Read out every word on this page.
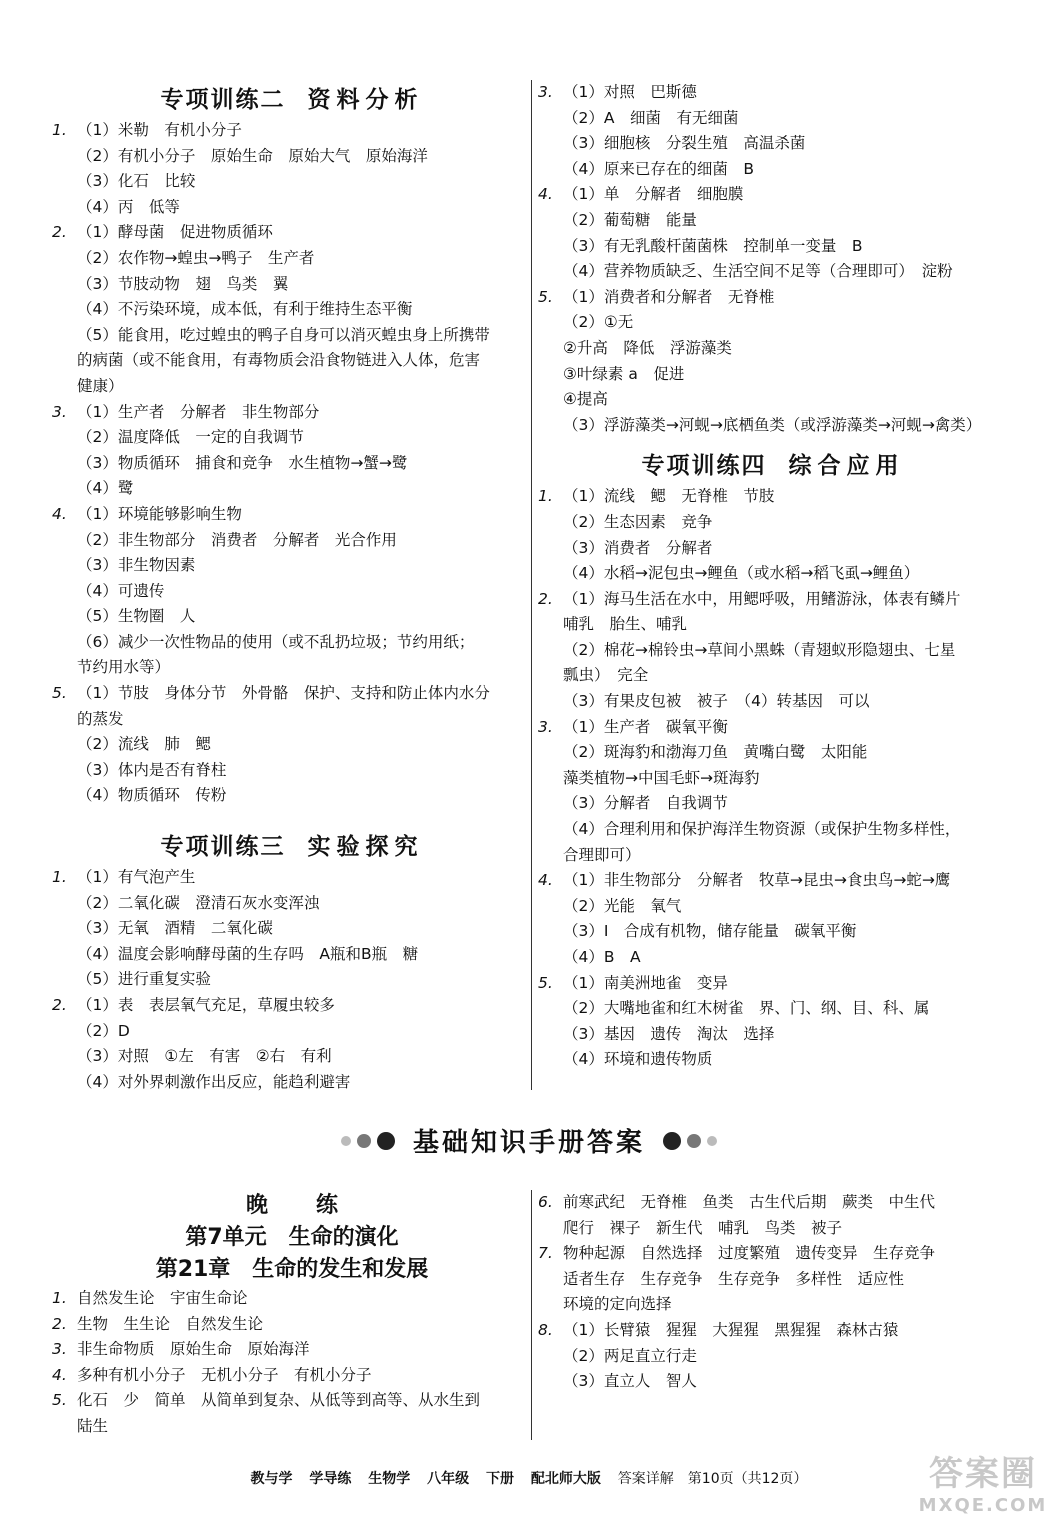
专项训练二 资料分析
1. （1）米勒　有机小分子
（2）有机小分子　原始生命　原始大气　原始海洋
（3）化石　比较
（4）丙　低等
2. （1）酵母菌　促进物质循环
（2）农作物→蝗虫→鸭子　生产者
（3）节肢动物　翅　鸟类　翼
（4）不污染环境，成本低，有利于维持生态平衡
（5）能食用，吃过蝗虫的鸭子自身可以消灭蝗虫身上所携带
的病菌（或不能食用，有毒物质会沿食物链进入人体，危害
健康）
3. （1）生产者　分解者　非生物部分
（2）温度降低　一定的自我调节
（3）物质循环　捕食和竞争　水生植物→蟹→鹭
（4）鹭
4. （1）环境能够影响生物
（2）非生物部分　消费者　分解者　光合作用
（3）非生物因素
（4）可遗传
（5）生物圈　人
（6）减少一次性物品的使用（或不乱扔垃圾；节约用纸；
节约用水等）
5. （1）节肢　身体分节　外骨骼　保护、支持和防止体内水分
的蒸发
（2）流线　肺　鳃
（3）体内是否有脊柱
（4）物质循环　传粉
专项训练三 实验探究
1. （1）有气泡产生
（2）二氧化碳　澄清石灰水变浑浊
（3）无氧　酒精　二氧化碳
（4）温度会影响酵母菌的生存吗　A瓶和B瓶　糖
（5）进行重复实验
2. （1）表　表层氧气充足，草履虫较多
（2）D
（3）对照　①左　有害　②右　有利
（4）对外界刺激作出反应，能趋利避害
3. （1）对照　巴斯德
（2）A　细菌　有无细菌
（3）细胞核　分裂生殖　高温杀菌
（4）原来已存在的细菌　B
4. （1）单　分解者　细胞膜
（2）葡萄糖　能量
（3）有无乳酸杆菌菌株　控制单一变量　B
（4）营养物质缺乏、生活空间不足等（合理即可）　淀粉
5. （1）消费者和分解者　无脊椎
（2）①无
②升高　降低　浮游藻类
③叶绿素 a　促进
④提高
（3）浮游藻类→河蚬→底栖鱼类（或浮游藻类→河蚬→禽类）
专项训练四 综合应用
1. （1）流线　鳃　无脊椎　节肢
（2）生态因素　竞争
（3）消费者　分解者
（4）水稻→泥包虫→鲤鱼（或水稻→稻飞虱→鲤鱼）
2. （1）海马生活在水中，用鳃呼吸，用鳍游泳，体表有鳞片
哺乳　胎生、哺乳
（2）棉花→棉铃虫→草间小黑蛛（青翅蚁形隐翅虫、七星
瓢虫）　完全
（3）有果皮包被　被子　（4）转基因　可以
3. （1）生产者　碳氧平衡
（2）斑海豹和渤海刀鱼　黄嘴白鹭　太阳能
藻类植物→中国毛虾→斑海豹
（3）分解者　自我调节
（4）合理利用和保护海洋生物资源（或保护生物多样性，
合理即可）
4. （1）非生物部分　分解者　牧草→昆虫→食虫鸟→蛇→鹰
（2）光能　氧气
（3）Ⅰ　合成有机物，储存能量　碳氧平衡
（4）B　A
5. （1）南美洲地雀　变异
（2）大嘴地雀和红木树雀　界、门、纲、目、科、属
（3）基因　遗传　淘汰　选择
（4）环境和遗传物质
基础知识手册答案
晚练
第7单元　生命的演化
第21章　生命的发生和发展
1. 自然发生论　宇宙生命论
2. 生物　生生论　自然发生论
3. 非生命物质　原始生命　原始海洋
4. 多种有机小分子　无机小分子　有机小分子
5. 化石　少　简单　从简单到复杂、从低等到高等、从水生到
陆生
6. 前寒武纪　无脊椎　鱼类　古生代后期　蕨类　中生代
爬行　裸子　新生代　哺乳　鸟类　被子
7. 物种起源　自然选择　过度繁殖　遗传变异　生存竞争
适者生存　生存竞争　生存竞争　多样性　适应性
环境的定向选择
8. （1）长臂猿　猩猩　大猩猩　黑猩猩　森林古猿
（2）两足直立行走
（3）直立人　智人
教与学 学导练 生物学 八年级 下册 配北师大版 答案详解　第10页（共12页）	答案圈
MXQE.COM
